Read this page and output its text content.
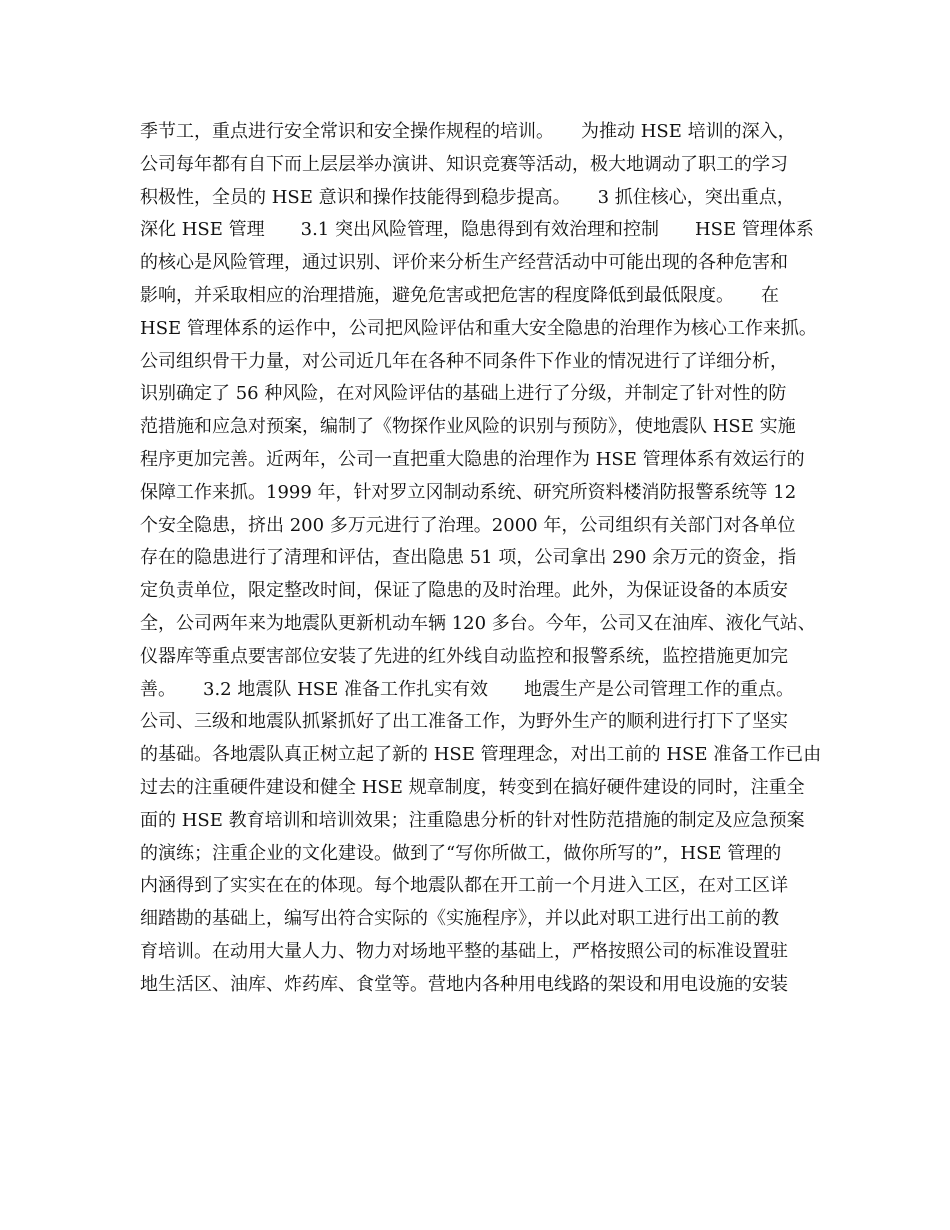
季节工，重点进行安全常识和安全操作规程的培训。　　为推动 HSE 培训的深入，
公司每年都有自下而上层层举办演讲、知识竞赛等活动，极大地调动了职工的学习
积极性，全员的 HSE 意识和操作技能得到稳步提高。　　3 抓住核心，突出重点，
深化 HSE 管理　　3.1 突出风险管理，隐患得到有效治理和控制　　HSE 管理体系
的核心是风险管理，通过识别、评价来分析生产经营活动中可能出现的各种危害和
影响，并采取相应的治理措施，避免危害或把危害的程度降低到最低限度。　　在
HSE 管理体系的运作中，公司把风险评估和重大安全隐患的治理作为核心工作来抓。
公司组织骨干力量，对公司近几年在各种不同条件下作业的情况进行了详细分析，
识别确定了 56 种风险，在对风险评估的基础上进行了分级，并制定了针对性的防
范措施和应急对预案，编制了《物探作业风险的识别与预防》，使地震队 HSE 实施
程序更加完善。近两年，公司一直把重大隐患的治理作为 HSE 管理体系有效运行的
保障工作来抓。1999 年，针对罗立冈制动系统、研究所资料楼消防报警系统等 12
个安全隐患，挤出 200 多万元进行了治理。2000 年，公司组织有关部门对各单位
存在的隐患进行了清理和评估，查出隐患 51 项，公司拿出 290 余万元的资金，指
定负责单位，限定整改时间，保证了隐患的及时治理。此外，为保证设备的本质安
全，公司两年来为地震队更新机动车辆 120 多台。今年，公司又在油库、液化气站、
仪器库等重点要害部位安装了先进的红外线自动监控和报警系统，监控措施更加完
善。　　3.2 地震队 HSE 准备工作扎实有效　　地震生产是公司管理工作的重点。
公司、三级和地震队抓紧抓好了出工准备工作，为野外生产的顺利进行打下了坚实
的基础。各地震队真正树立起了新的 HSE 管理理念，对出工前的 HSE 准备工作已由
过去的注重硬件建设和健全 HSE 规章制度，转变到在搞好硬件建设的同时，注重全
面的 HSE 教育培训和培训效果；注重隐患分析的针对性防范措施的制定及应急预案
的演练；注重企业的文化建设。做到了“写你所做工，做你所写的”，HSE 管理的
内涵得到了实实在在的体现。每个地震队都在开工前一个月进入工区，在对工区详
细踏勘的基础上，编写出符合实际的《实施程序》，并以此对职工进行出工前的教
育培训。在动用大量人力、物力对场地平整的基础上，严格按照公司的标准设置驻
地生活区、油库、炸药库、食堂等。营地内各种用电线路的架设和用电设施的安装
